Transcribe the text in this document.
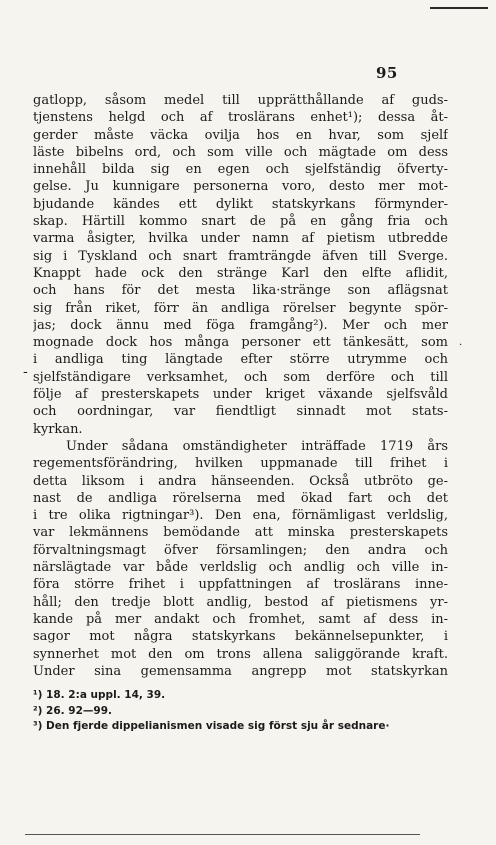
95
-
·
gatlopp, såsom medel till upprätthållande af guds-
tjenstens helgd och af troslärans enhet¹); dessa åt-
gerder måste väcka ovilja hos en hvar, som sjelf
läste bibelns ord, och som ville och mägtade om dess
innehåll bilda sig en egen och sjelfständig öfverty-
gelse. Ju kunnigare personerna voro, desto mer mot-
bjudande kändes ett dylikt statskyrkans förmynder-
skap. Härtill kommo snart de på en gång fria och
varma åsigter, hvilka under namn af pietism utbredde
sig i Tyskland och snart framträngde äfven till Sverge.
Knappt hade ock den stränge Karl den elfte aflidit,
och hans för det mesta lika·stränge son aflägsnat
sig från riket, förr än andliga rörelser begynte spör-
jas; dock ännu med föga framgång²). Mer och mer
mognade dock hos många personer ett tänkesätt, som
i andliga ting längtade efter större utrymme och
sjelfständigare verksamhet, och som derföre och till
följe af presterskapets under kriget växande sjelfsvåld
och oordningar, var fiendtligt sinnadt mot stats-
kyrkan.
Under sådana omständigheter inträffade 1719 års
regementsförändring, hvilken uppmanade till frihet i
detta liksom i andra hänseenden. Också utbröto ge-
nast de andliga rörelserna med ökad fart och det
i tre olika rigtningar³). Den ena, förnämligast verldslig,
var lekmännens bemödande att minska presterskapets
förvaltningsmagt öfver församlingen; den andra och
närslägtade var både verldslig och andlig och ville in-
föra större frihet i uppfattningen af troslärans inne-
håll; den tredje blott andlig, bestod af pietismens yr-
kande på mer andakt och fromhet, samt af dess in-
sagor mot några statskyrkans bekännelsepunkter, i
synnerhet mot den om trons allena saliggörande kraft.
Under sina gemensamma angrepp mot statskyrkan
¹) 18. 2:a uppl. 14, 39.
²) 26. 92—99.
³) Den fjerde dippelianismen visade sig först sju år sednare·
